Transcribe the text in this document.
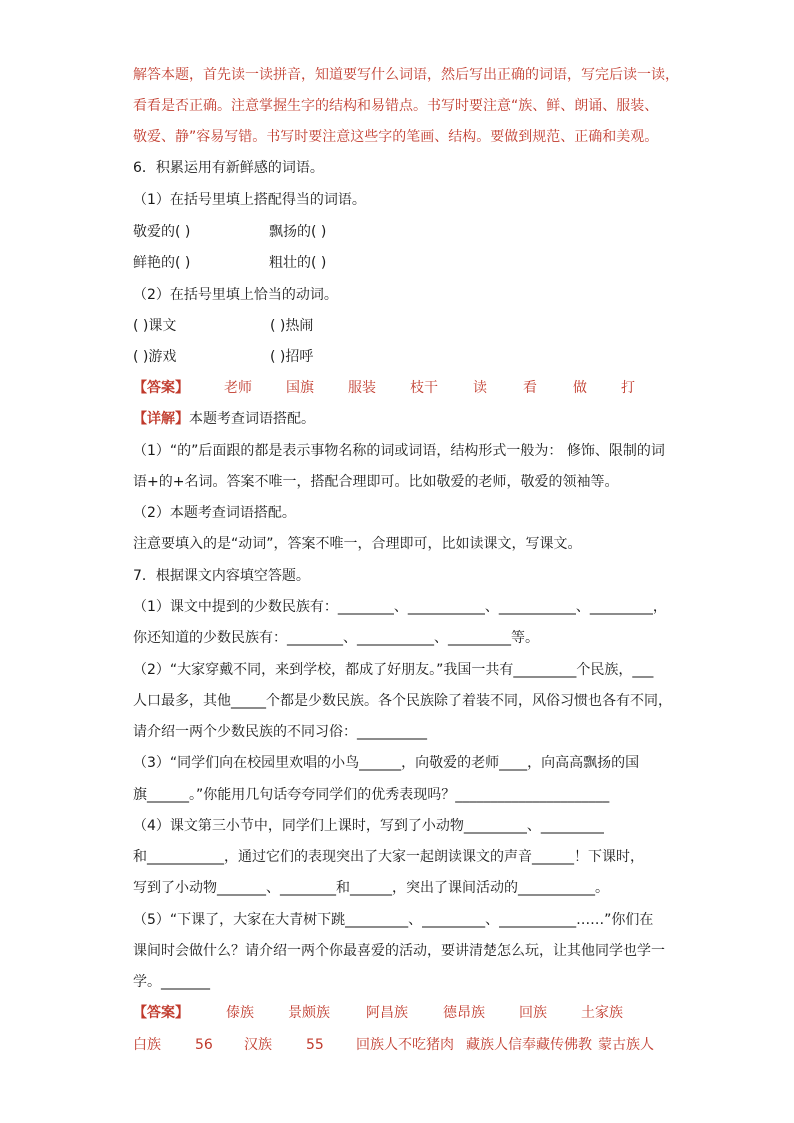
解答本题，首先读一读拼音，知道要写什么词语，然后写出正确的词语，写完后读一读，
看看是否正确。注意掌握生字的结构和易错点。书写时要注意“族、鲜、朗诵、服装、
敬爱、静”容易写错。书写时要注意这些字的笔画、结构。要做到规范、正确和美观。
6．积累运用有新鲜感的词语。
（1）在括号里填上搭配得当的词语。
敬爱的( )	飘扬的( )
鲜艳的( )	粗壮的( )
（2）在括号里填上恰当的动词。
( )课文	( )热闹
( )游戏	( )招呼
【答案】	老师 国旗 服装 枝干	读	看	做 打
【详解】本题考查词语搭配。
（1）“的”后面跟的都是表示事物名称的词或词语，结构形式一般为： 修饰、限制的词
语+的+名词。答案不唯一，搭配合理即可。比如敬爱的老师，敬爱的领袖等。
（2）本题考查词语搭配。
注意要填入的是“动词”，答案不唯一，合理即可，比如读课文，写课文。
7．根据课文内容填空答题。
（1）课文中提到的少数民族有：________、___________、___________、_________，
你还知道的少数民族有：________、___________、_________等。
（2）“大家穿戴不同，来到学校，都成了好朋友。”我国一共有_________个民族，___
人口最多，其他_____个都是少数民族。各个民族除了着装不同，风俗习惯也各有不同，
请介绍一两个少数民族的不同习俗：__________
（3）“同学们向在校园里欢唱的小鸟______，向敬爱的老师____，向高高飘扬的国
旗______。”你能用几句话夸夸同学们的优秀表现吗？______________________
（4）课文第三小节中，同学们上课时，写到了小动物_________、_________
和___________，通过它们的表现突出了大家一起朗读课文的声音______！下课时，
写到了小动物_______、________和______，突出了课间活动的___________。
（5）“下课了，大家在大青树下跳_________、_________、___________……”你们在
课间时会做什么？请介绍一两个你最喜爱的活动，要讲清楚怎么玩，让其他同学也学一
学。_______
【答案】	傣族 景颇族	阿昌族	德昂族 回族 土家族
白族 56 汉族 55 回族人不吃猪肉 藏族人信奉藏传佛教 蒙古族人
